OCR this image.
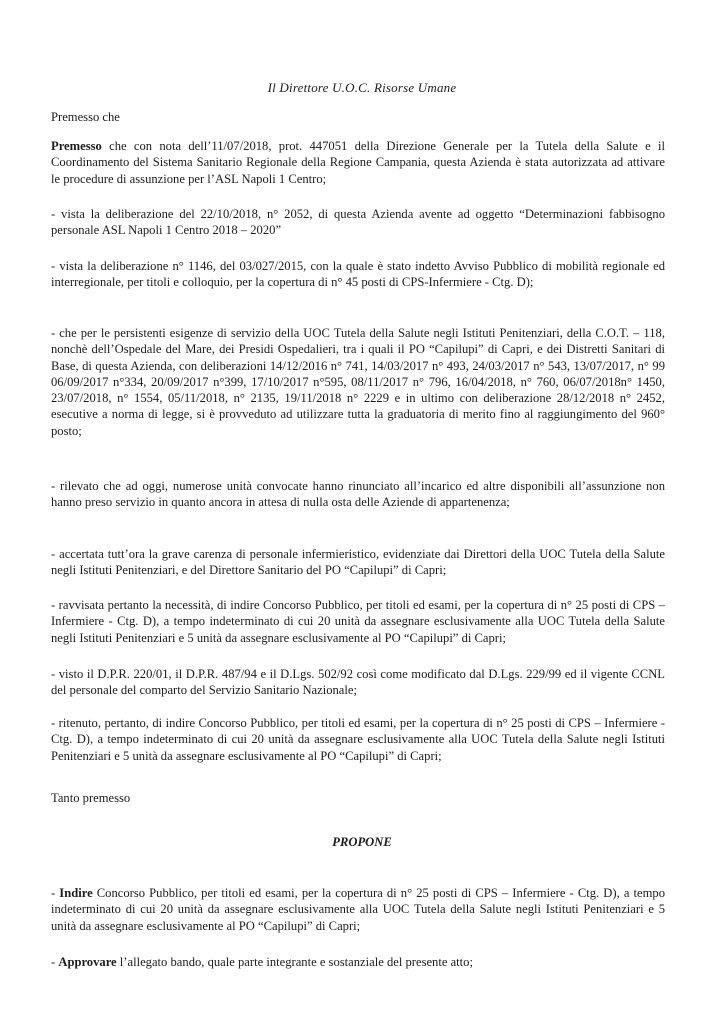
Il Direttore U.O.C. Risorse Umane

Premesso che

Premesso che con nota dell’11/07/2018, prot. 447051 della Direzione Generale per la Tutela della Salute e il Coordinamento del Sistema Sanitario Regionale della Regione Campania, questa Azienda è stata autorizzata ad attivare le procedure di assunzione per l’ASL Napoli 1 Centro;

- vista la deliberazione del 22/10/2018, n° 2052, di questa Azienda avente ad oggetto “Determinazioni fabbisogno personale ASL Napoli 1 Centro 2018 – 2020”

- vista la deliberazione n° 1146, del 03/027/2015, con la quale è stato indetto Avviso Pubblico di mobilità regionale ed interregionale, per titoli e colloquio, per la copertura di n° 45 posti di CPS-Infermiere - Ctg. D);

- che per le persistenti esigenze di servizio della UOC Tutela della Salute negli Istituti Penitenziari, della C.O.T. – 118, nonchè dell’Ospedale del Mare, dei Presidi Ospedalieri, tra i quali il PO “Capilupi” di Capri, e dei Distretti Sanitari di Base, di questa Azienda, con deliberazioni 14/12/2016 n° 741, 14/03/2017 n° 493, 24/03/2017 n° 543, 13/07/2017, n° 99 06/09/2017 n°334, 20/09/2017 n°399, 17/10/2017 n°595, 08/11/2017 n° 796, 16/04/2018, n° 760, 06/07/2018n° 1450, 23/07/2018, n° 1554, 05/11/2018, n° 2135, 19/11/2018 n° 2229 e in ultimo con deliberazione 28/12/2018 n° 2452, esecutive a norma di legge, si è provveduto ad utilizzare tutta la graduatoria di merito fino al raggiungimento del 960° posto;

- rilevato che ad oggi, numerose unità convocate hanno rinunciato all’incarico ed altre disponibili all’assunzione non hanno preso servizio in quanto ancora in attesa di nulla osta delle Aziende di appartenenza;

- accertata tutt’ora la grave carenza di personale infermieristico, evidenziate dai Direttori della UOC Tutela della Salute negli Istituti Penitenziari, e del Direttore Sanitario del PO “Capilupi” di Capri;

- ravvisata pertanto la necessità, di indire Concorso Pubblico, per titoli ed esami, per la copertura di n° 25 posti di CPS – Infermiere - Ctg. D), a tempo indeterminato di cui 20 unità da assegnare esclusivamente alla UOC Tutela della Salute negli Istituti Penitenziari e 5 unità da assegnare esclusivamente al PO “Capilupi” di Capri;

- visto il D.P.R. 220/01, il D.P.R. 487/94 e il D.Lgs. 502/92 così come modificato dal D.Lgs. 229/99 ed il vigente CCNL del personale del comparto del Servizio Sanitario Nazionale;

- ritenuto, pertanto, di indire Concorso Pubblico, per titoli ed esami, per la copertura di n° 25 posti di CPS – Infermiere - Ctg. D), a tempo indeterminato di cui 20 unità da assegnare esclusivamente alla UOC Tutela della Salute negli Istituti Penitenziari e 5 unità da assegnare esclusivamente al PO “Capilupi” di Capri;

Tanto premesso

PROPONE

- Indire Concorso Pubblico, per titoli ed esami, per la copertura di n° 25 posti di CPS – Infermiere - Ctg. D), a tempo indeterminato di cui 20 unità da assegnare esclusivamente alla UOC Tutela della Salute negli Istituti Penitenziari e 5 unità da assegnare esclusivamente al PO “Capilupi” di Capri;

- Approvare l’allegato bando, quale parte integrante e sostanziale del presente atto;
